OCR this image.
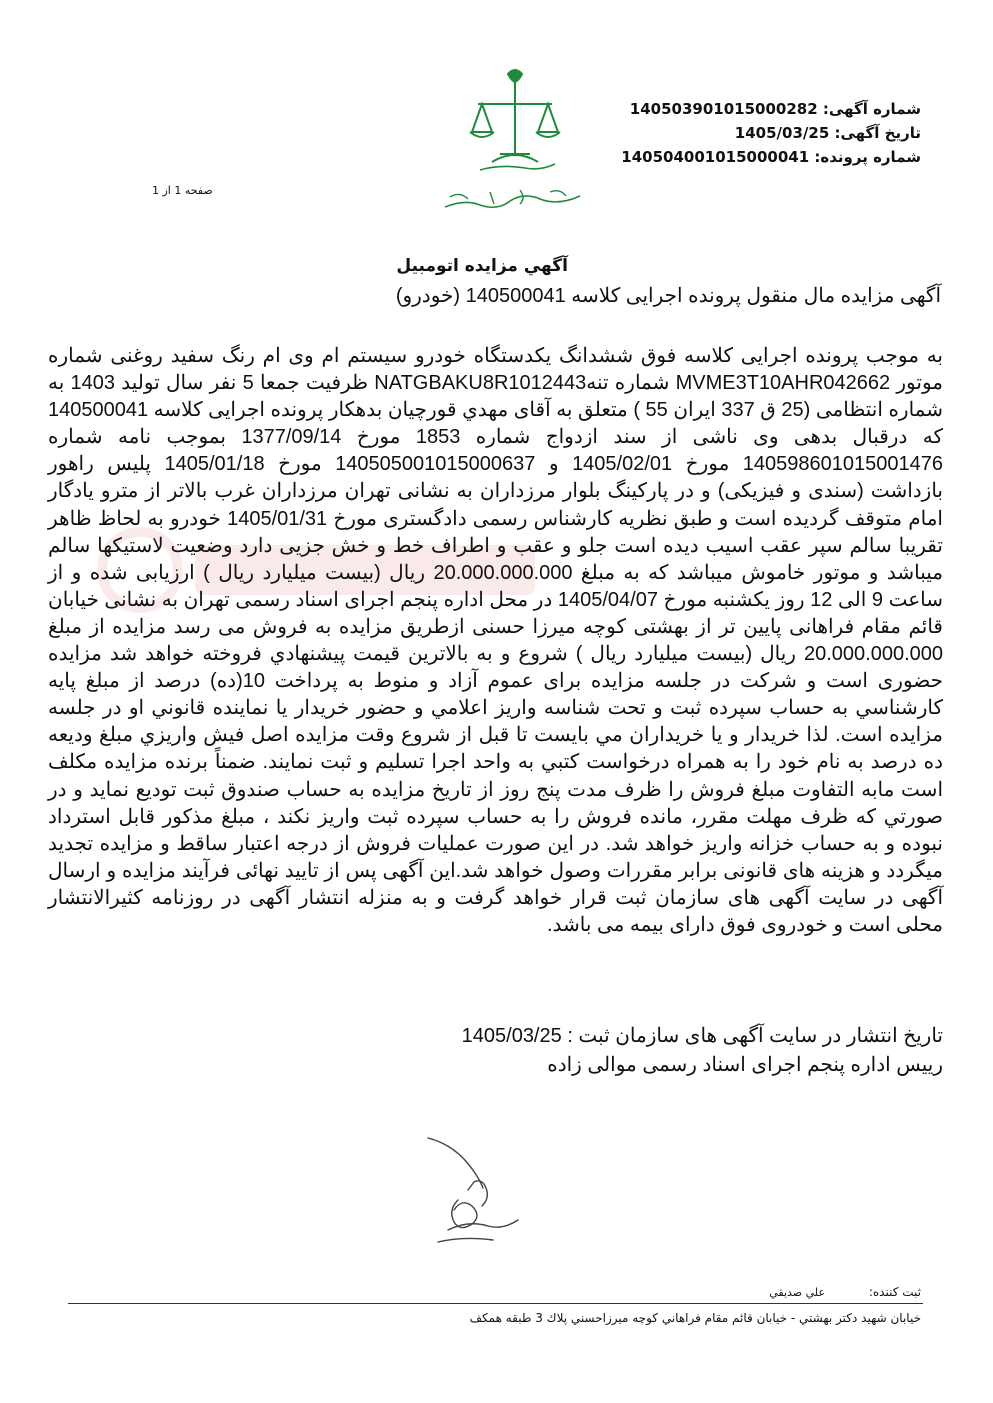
شماره آگهی: 140503901015000282
تاریخ آگهی: 1405/03/25
شماره پرونده: 140504001015000041
صفحه 1 از 1
آگهي مزايده اتومبيل
آگهی مزایده مال منقول پرونده اجرایی کلاسه 140500041 (خودرو)
به موجب پرونده اجرایی کلاسه فوق ششدانگ یکدستگاه خودرو سیستم ام وی ام رنگ سفید روغنی شماره موتور MVME3T10AHR042662 شماره تنهNATGBAKU8R1012443 ظرفیت جمعا 5 نفر سال تولید 1403 به شماره انتظامی (25 ق 337 ایران 55 ) متعلق به آقای مهدي قورچيان بدهكار پرونده اجرایی کلاسه 140500041 که درقبال بدهی وی ناشی از سند ازدواج شماره 1853 مورخ 1377/09/14 بموجب نامه شماره 140598601015001476 مورخ 1405/02/01 و 140505001015000637 مورخ 1405/01/18 پلیس راهور بازداشت (سندی و فیزیکی) و در پارکینگ بلوار مرزداران به نشانی تهران مرزداران غرب بالاتر از مترو یادگار امام متوقف گردیده است و طبق نظریه کارشناس رسمی دادگستری مورخ 1405/01/31 خودرو به لحاظ ظاهر تقریبا سالم سپر عقب اسیب دیده است جلو و عقب و اطراف خط و خش جزیی دارد وضعیت لاستیکها سالم میباشد و موتور خاموش میباشد که به مبلغ 20.000.000.000 ریال (بیست میلیارد ریال ) ارزیابی شده و از ساعت 9 الی 12 روز یکشنبه مورخ 1405/04/07 در محل اداره پنجم اجرای اسناد رسمی تهران به نشانی خیابان قائم مقام فراهانی پایین تر از بهشتی کوچه میرزا حسنی ازطریق مزایده به فروش می رسد مزایده از مبلغ 20.000.000.000 ریال (بیست میلیارد ریال ) شروع و به بالاترین قیمت پیشنهادي فروخته خواهد شد مزایده حضوری است و شرکت در جلسه مزایده برای عموم آزاد و منوط به پرداخت 10(ده) درصد از مبلغ پایه کارشناسي به حساب سپرده ثبت و تحت شناسه واريز اعلامي و حضور خريدار يا نماينده قانوني او در جلسه مزايده است. لذا خريدار و يا خريداران مي بايست تا قبل از شروع وقت مزايده اصل فيش واريزي مبلغ وديعه ده درصد به نام خود را به همراه درخواست كتبي به واحد اجرا تسليم و ثبت نمايند. ضمناً برنده مزایده مکلف است مابه التفاوت مبلغ فروش را ظرف مدت پنج روز از تاریخ مزایده به حساب صندوق ثبت توديع نمايد و در صورتي كه ظرف مهلت مقرر، مانده فروش را به حساب سپرده ثبت واريز نكند ، مبلغ مذكور قابل استرداد نبوده و به حساب خزانه واريز خواهد شد. در این صورت عملیات فروش از درجه اعتبار ساقط و مزایده تجدید میگردد و هزینه های قانونی برابر مقررات وصول خواهد شد.این آگهی پس از تایید نهائی فرآیند مزایده و ارسال آگهی در سایت آگهی های سازمان ثبت قرار خواهد گرفت و به منزله انتشار آگهی در روزنامه کثیرالانتشار محلی است و خودروی فوق دارای بیمه می باشد.
تاریخ انتشار در سایت آگهی های سازمان ثبت : 1405/03/25
رییس اداره پنجم اجرای اسناد رسمی موالی زاده
ثبت کننده: علي صديقي
خيابان شهيد دكتر بهشتي - خيابان قائم مقام فراهاني كوچه ميرزاحسني پلاك 3 طبقه همكف
